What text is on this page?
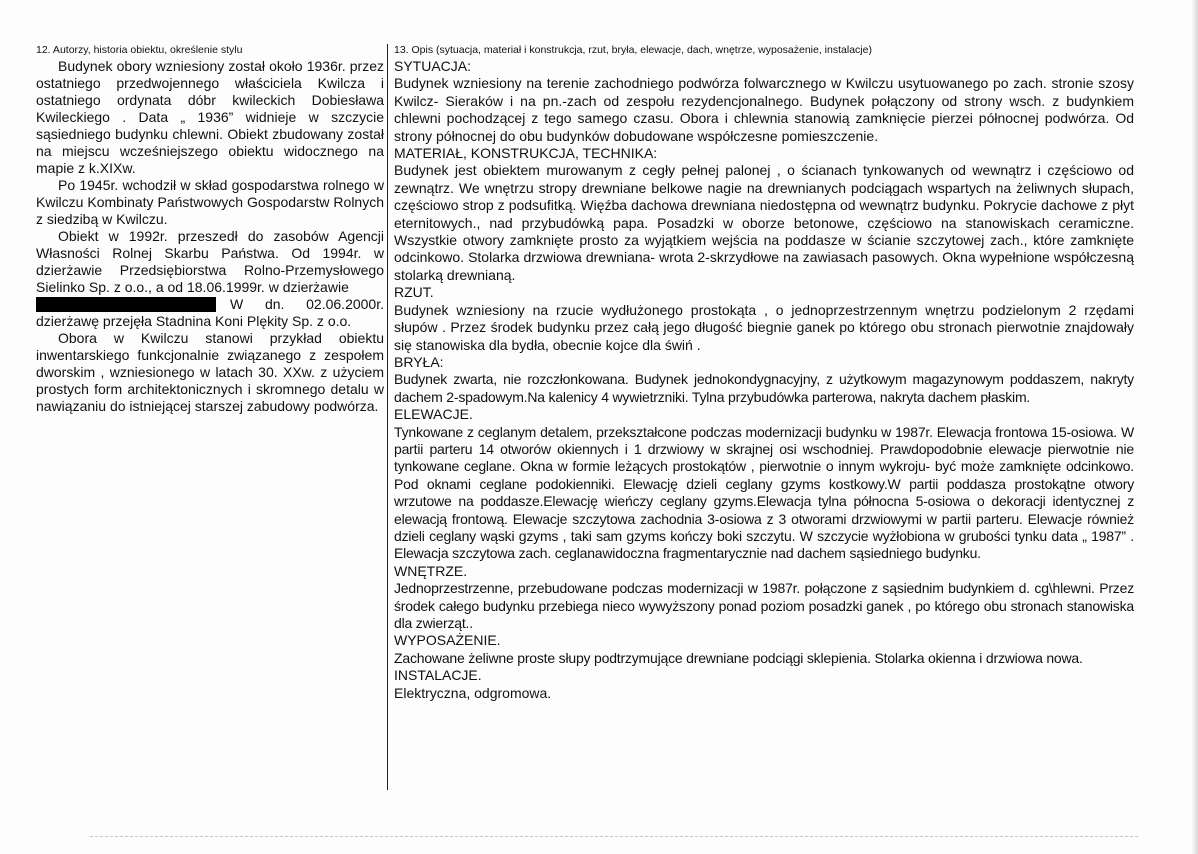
12. Autorzy, historia obiektu, określenie stylu

Budynek obory wzniesiony został około 1936r. przez ostatniego przedwojennego właściciela Kwilcza i ostatniego ordynata dóbr kwileckich Dobiesława Kwileckiego . Data „ 1936” widnieje w szczycie sąsiedniego budynku chlewni. Obiekt zbudowany został na miejscu wcześniejszego obiektu widocznego na mapie z k.XIXw.

Po 1945r. wchodził w skład gospodarstwa rolnego w Kwilczu Kombinaty Państwowych Gospodarstw Rolnych z siedzibą w Kwilczu.

Obiekt w 1992r. przeszedł do zasobów Agencji Własności Rolnej Skarbu Państwa. Od 1994r. w dzierżawie Przedsiębiorstwa Rolno-Przemysłowego Sielinko Sp. z o.o., a od 18.06.1999r. w dzierżawie

W dn. 02.06.2000r.

dzierżawę przejęła Stadnina Koni Plękity Sp. z o.o.

Obora w Kwilczu stanowi przykład obiektu inwentarskiego funkcjonalnie związanego z zespołem dworskim , wzniesionego w latach 30. XXw. z użyciem prostych form architektonicznych i skromnego detalu w nawiązaniu do istniejącej starszej zabudowy podwórza.

13. Opis (sytuacja, materiał i konstrukcja, rzut, bryła, elewacje, dach, wnętrze, wyposażenie, instalacje)

SYTUACJA:

Budynek wzniesiony na terenie zachodniego podwórza folwarcznego w Kwilczu usytuowanego po zach. stronie szosy Kwilcz- Sieraków i na pn.-zach od zespołu rezydencjonalnego. Budynek połączony od strony wsch. z budynkiem chlewni pochodzącej z tego samego czasu. Obora i chlewnia stanowią zamknięcie pierzei północnej podwórza. Od strony północnej do obu budynków dobudowane współczesne pomieszczenie.

MATERIAŁ, KONSTRUKCJA, TECHNIKA:

Budynek jest obiektem murowanym z cegły pełnej palonej , o ścianach tynkowanych od wewnątrz i częściowo od zewnątrz. We wnętrzu stropy drewniane belkowe nagie na drewnianych podciągach wspartych na żeliwnych słupach, częściowo strop z podsufitką. Więźba dachowa drewniana niedostępna od wewnątrz budynku. Pokrycie dachowe z płyt eternitowych., nad przybudówką papa. Posadzki w oborze betonowe, częściowo na stanowiskach ceramiczne. Wszystkie otwory zamknięte prosto za wyjątkiem wejścia na poddasze w ścianie szczytowej zach., które zamknięte odcinkowo. Stolarka drzwiowa drewniana- wrota 2-skrzydłowe na zawiasach pasowych. Okna wypełnione współczesną stolarką drewnianą.

RZUT.

Budynek wzniesiony na rzucie wydłużonego prostokąta , o jednoprzestrzennym wnętrzu podzielonym 2 rzędami słupów . Przez środek budynku przez całą jego długość biegnie ganek po którego obu stronach pierwotnie znajdowały się stanowiska dla bydła, obecnie kojce dla świń .

BRYŁA:

Budynek zwarta, nie rozczłonkowana. Budynek jednokondygnacyjny, z użytkowym magazynowym poddaszem, nakryty dachem 2-spadowym.Na kalenicy 4 wywietrzniki. Tylna przybudówka parterowa, nakryta dachem płaskim.

ELEWACJE.

Tynkowane z ceglanym detalem, przekształcone podczas modernizacji budynku w 1987r. Elewacja frontowa 15-osiowa. W partii parteru 14 otworów okiennych i 1 drzwiowy w skrajnej osi wschodniej. Prawdopodobnie elewacje pierwotnie nie tynkowane ceglane. Okna w formie leżących prostokątów , pierwotnie o innym wykroju- być może zamknięte odcinkowo. Pod oknami ceglane podokienniki. Elewację dzieli ceglany gzyms kostkowy.W partii poddasza prostokątne otwory wrzutowe na poddasze.Elewację wieńczy ceglany gzyms.Elewacja tylna północna 5-osiowa o dekoracji identycznej z elewacją frontową. Elewacje szczytowa zachodnia 3-osiowa z 3 otworami drzwiowymi w partii parteru. Elewacje również dzieli ceglany wąski gzyms , taki sam gzyms kończy boki szczytu. W szczycie wyżłobiona w grubości tynku data „ 1987” . Elewacja szczytowa zach. ceglanawidoczna fragmentarycznie nad dachem sąsiedniego budynku.

WNĘTRZE.

Jednoprzestrzenne, przebudowane podczas modernizacji w 1987r. połączone z sąsiednim budynkiem d. cg\hlewni. Przez środek całego budynku przebiega nieco wywyższony ponad poziom posadzki ganek , po którego obu stronach stanowiska dla zwierząt..

WYPOSAŻENIE.

Zachowane żeliwne proste słupy podtrzymujące drewniane podciągi sklepienia. Stolarka okienna i drzwiowa nowa.

INSTALACJE.

Elektryczna, odgromowa.
